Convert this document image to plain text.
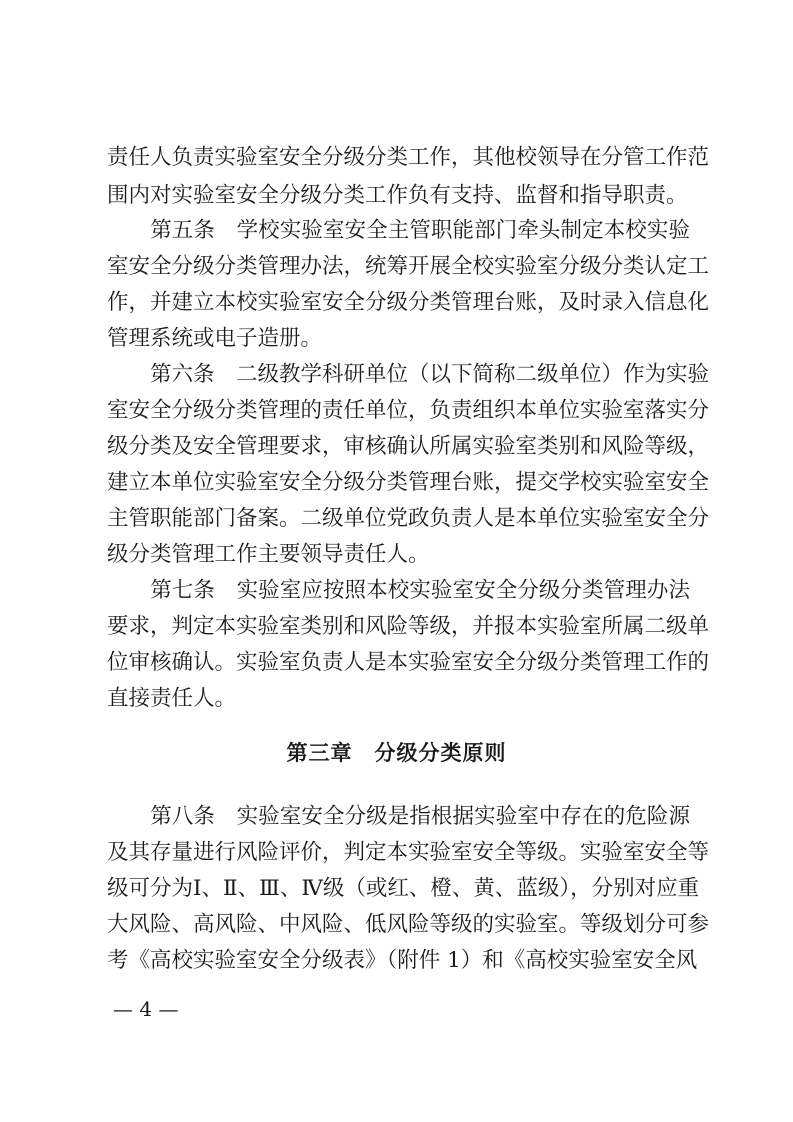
责任人负责实验室安全分级分类工作，其他校领导在分管工作范
围内对实验室安全分级分类工作负有支持、监督和指导职责。
　　第五条　学校实验室安全主管职能部门牵头制定本校实验
室安全分级分类管理办法，统筹开展全校实验室分级分类认定工
作，并建立本校实验室安全分级分类管理台账，及时录入信息化
管理系统或电子造册。
　　第六条　二级教学科研单位（以下简称二级单位）作为实验
室安全分级分类管理的责任单位，负责组织本单位实验室落实分
级分类及安全管理要求，审核确认所属实验室类别和风险等级，
建立本单位实验室安全分级分类管理台账，提交学校实验室安全
主管职能部门备案。二级单位党政负责人是本单位实验室安全分
级分类管理工作主要领导责任人。
　　第七条　实验室应按照本校实验室安全分级分类管理办法
要求，判定本实验室类别和风险等级，并报本实验室所属二级单
位审核确认。实验室负责人是本实验室安全分级分类管理工作的
直接责任人。
第三章　分级分类原则
　　第八条　实验室安全分级是指根据实验室中存在的危险源
及其存量进行风险评价，判定本实验室安全等级。实验室安全等
级可分为Ⅰ、Ⅱ、Ⅲ、Ⅳ级（或红、橙、黄、蓝级），分别对应重
大风险、高风险、中风险、低风险等级的实验室。等级划分可参
考《高校实验室安全分级表》（附件 1）和《高校实验室安全风
— 4 —
